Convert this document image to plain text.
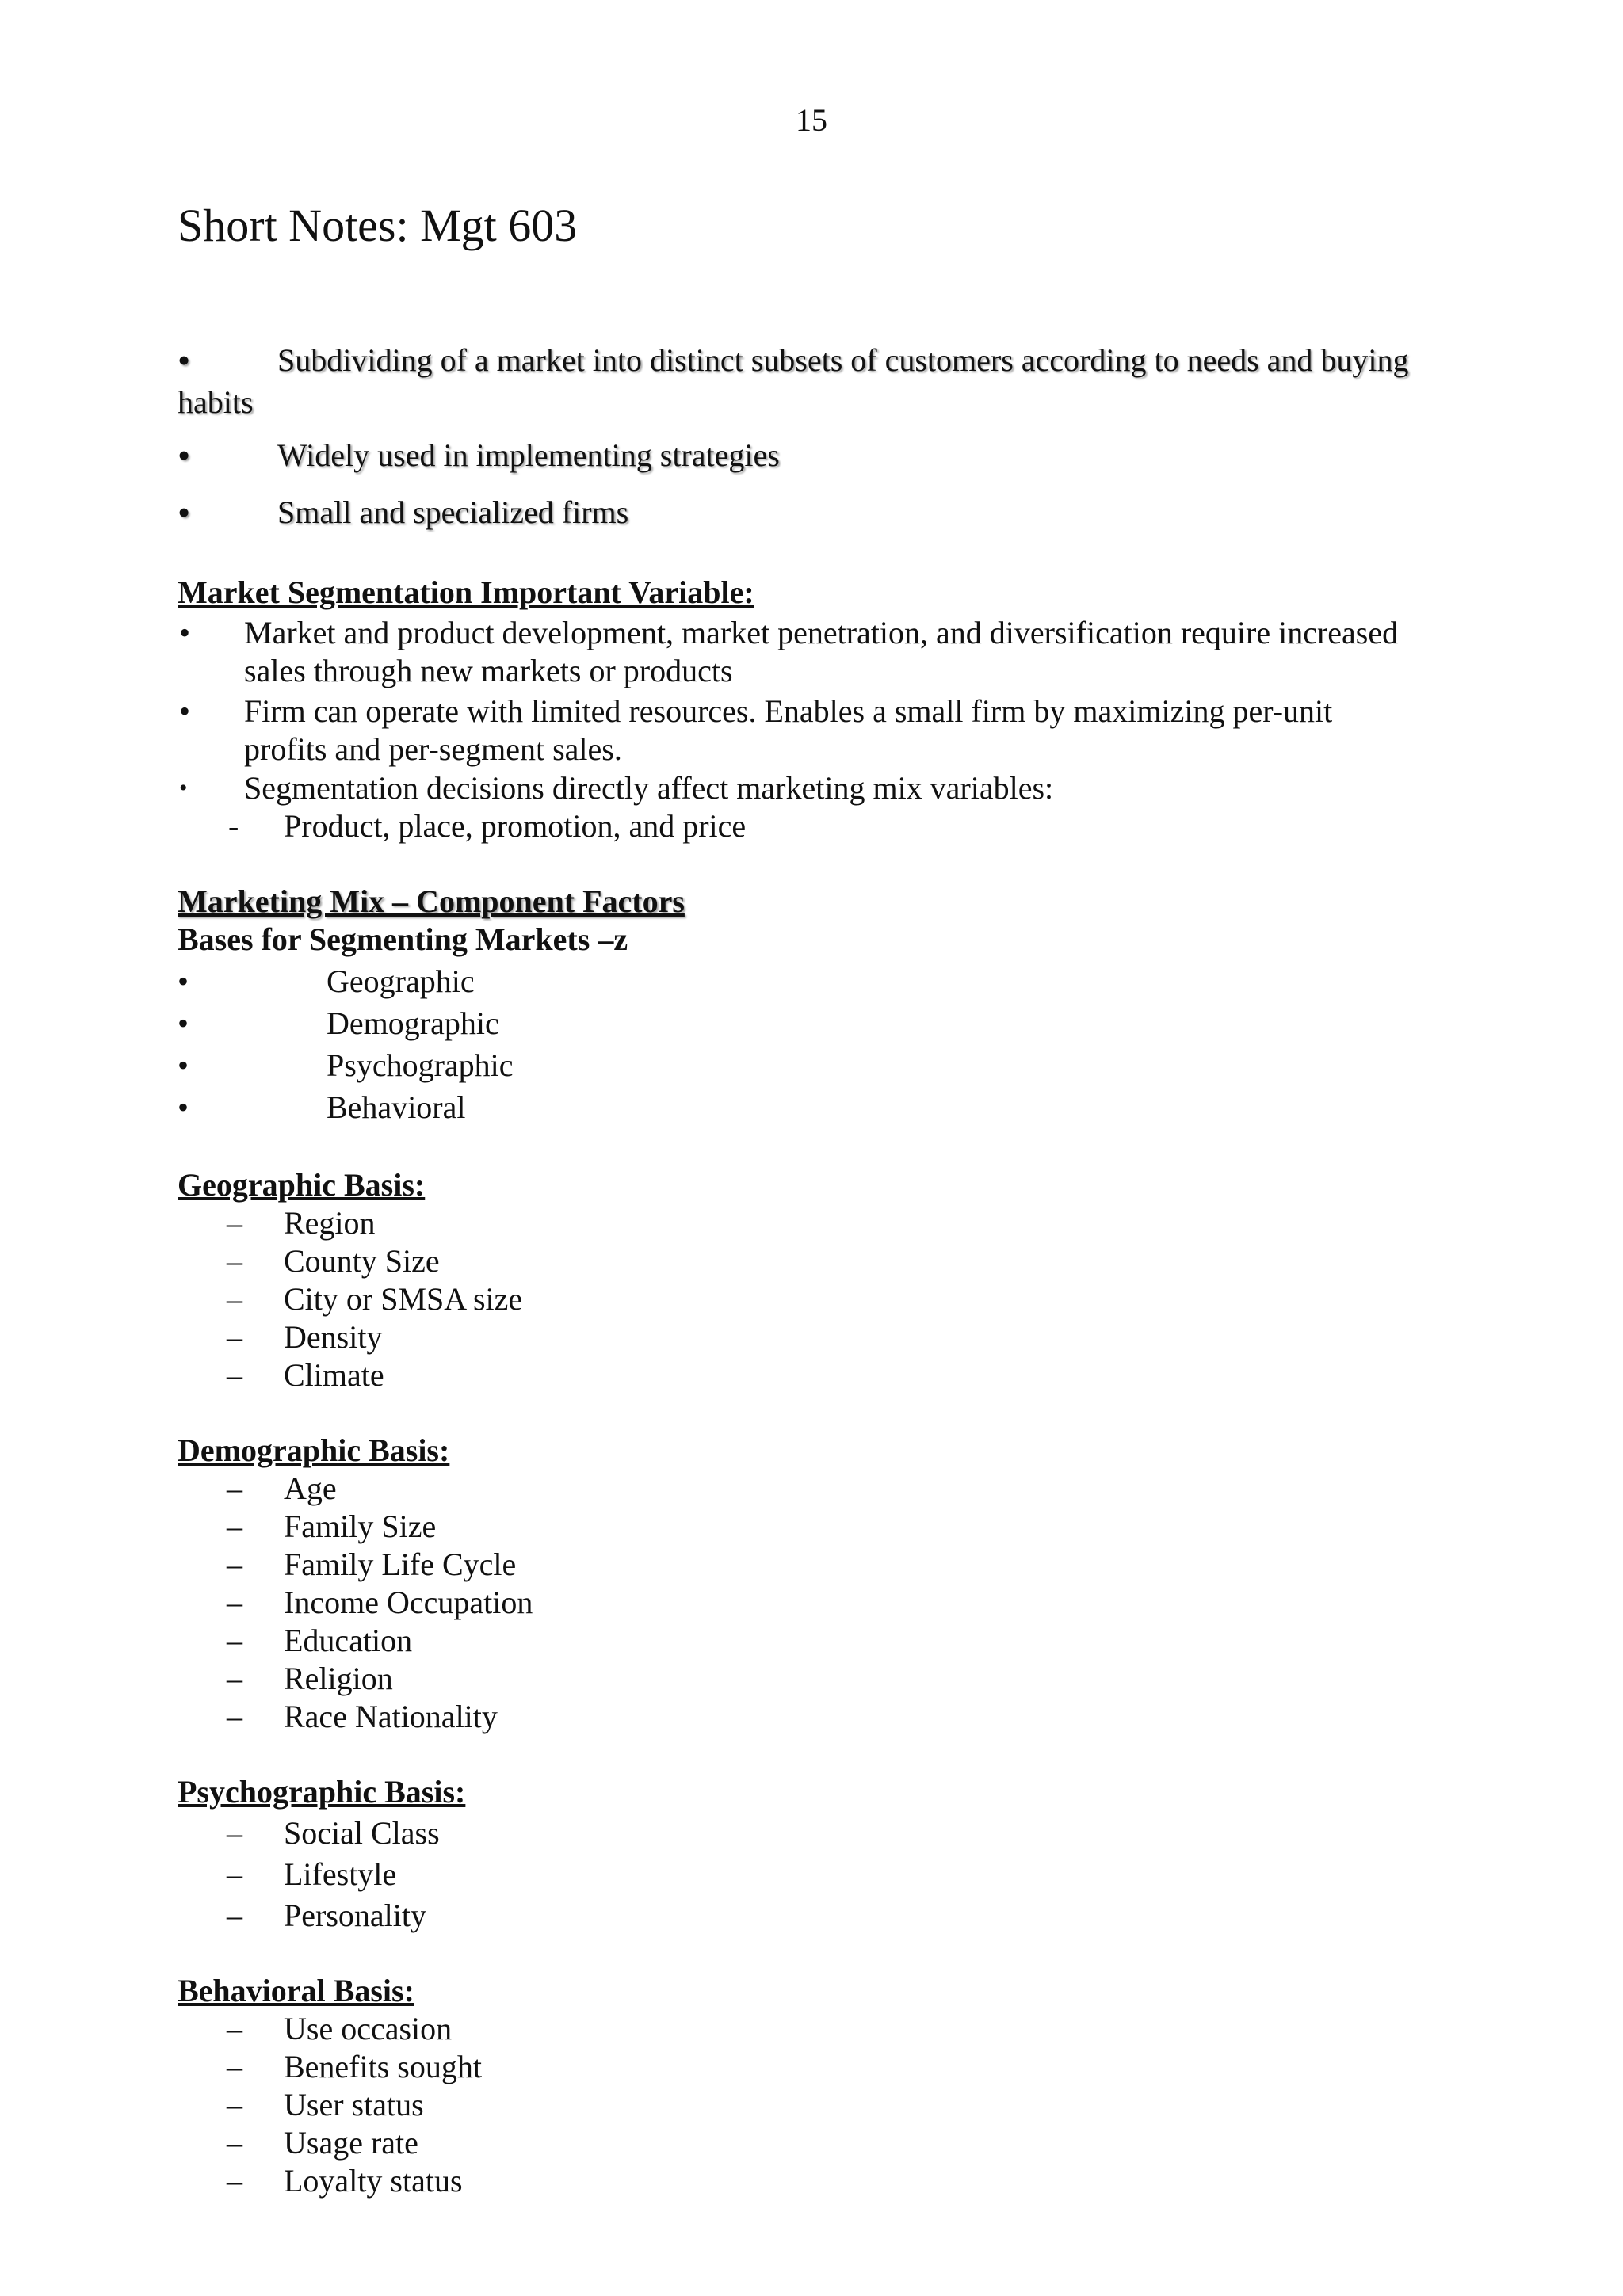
15
Short Notes: Mgt 603
•	Subdividing of a market into distinct subsets of customers according to needs and buying
habits
•	Widely used in implementing strategies
•	Small and specialized firms
Market Segmentation Important Variable:
• Market and product development, market penetration, and diversification require increased
sales through new markets or products
• Firm can operate with limited resources. Enables a small firm by maximizing per-unit
profits and per-segment sales.
• Segmentation decisions directly affect marketing mix variables:
- Product, place, promotion, and price
Marketing Mix – Component Factors
Bases for Segmenting Markets –z
•	Geographic
•	Demographic
•	Psychographic
•	Behavioral
Geographic Basis:
– Region
– County Size
– City or SMSA size
– Density
– Climate
Demographic Basis:
– Age
– Family Size
– Family Life Cycle
– Income Occupation
– Education
– Religion
– Race Nationality
Psychographic Basis:
– Social Class
– Lifestyle
– Personality
Behavioral Basis:
– Use occasion
– Benefits sought
– User status
– Usage rate
– Loyalty status
